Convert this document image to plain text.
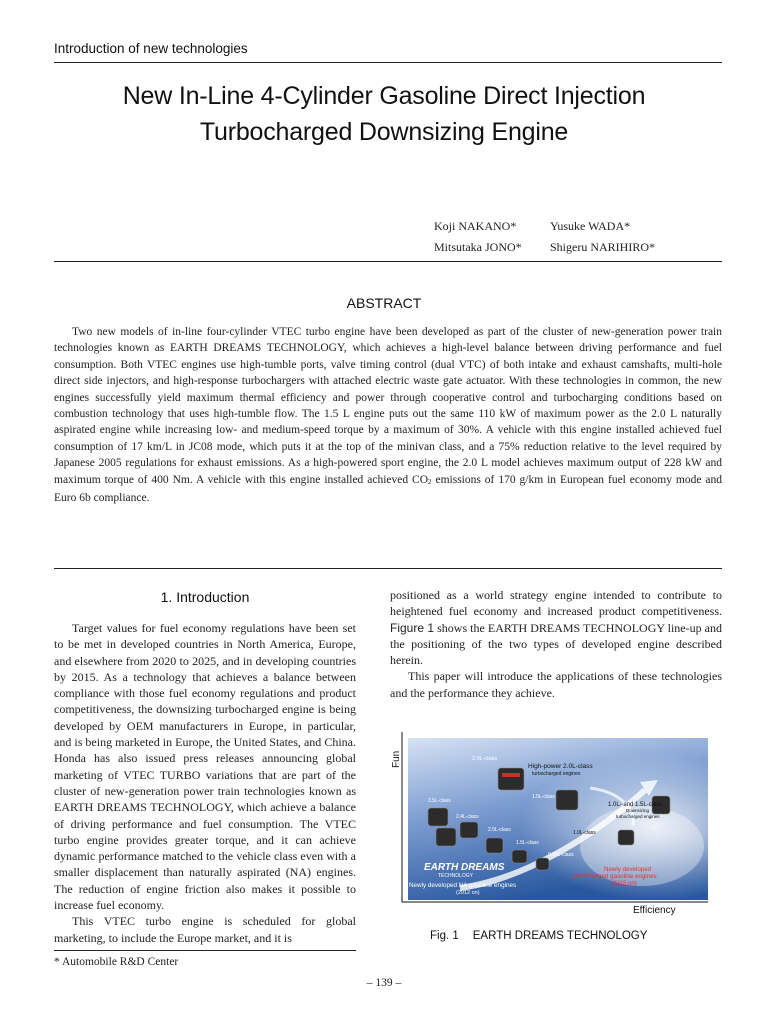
Introduction of new technologies
New In-Line 4-Cylinder Gasoline Direct Injection
Turbocharged Downsizing Engine
Koji NAKANO*	Yusuke WADA*
Mitsutaka JONO*	Shigeru NARIHIRO*
ABSTRACT

Two new models of in-line four-cylinder VTEC turbo engine have been developed as part of the cluster of new-generation power train technologies known as EARTH DREAMS TECHNOLOGY, which achieves a high-level balance between driving performance and fuel consumption. Both VTEC engines use high-tumble ports, valve timing control (dual VTC) of both intake and exhaust camshafts, multi-hole direct side injectors, and high-response turbochargers with attached electric waste gate actuator. With these technologies in common, the new engines successfully yield maximum thermal efficiency and power through cooperative control and turbocharging conditions based on combustion technology that uses high-tumble flow. The 1.5 L engine puts out the same 110 kW of maximum power as the 2.0 L naturally aspirated engine while increasing low- and medium-speed torque by a maximum of 30%. A vehicle with this engine installed achieved fuel consumption of 17 km/L in JC08 mode, which puts it at the top of the minivan class, and a 75% reduction relative to the level required by Japanese 2005 regulations for exhaust emissions. As a high-powered sport engine, the 2.0 L model achieves maximum output of 228 kW and maximum torque of 400 Nm. A vehicle with this engine installed achieved $CO_2$ emissions of 170 g/km in European fuel economy mode and Euro 6b compliance.

1. Introduction

Target values for fuel economy regulations have been set to be met in developed countries in North America, Europe, and elsewhere from 2020 to 2025, and in developing countries by 2015. As a technology that achieves a balance between compliance with those fuel economy regulations and product competitiveness, the downsizing turbocharged engine is being developed by OEM manufacturers in Europe, in particular, and is being marketed in Europe, the United States, and China. Honda has also issued press releases announcing global marketing of VTEC TURBO variations that are part of the cluster of new-generation power train technologies known as EARTH DREAMS TECHNOLOGY, which achieve a balance of driving performance and fuel consumption. The VTEC turbo engine provides greater torque, and it can achieve dynamic performance matched to the vehicle class even with a smaller displacement than naturally aspirated (NA) engines. The reduction of engine friction also makes it possible to increase fuel economy.

This VTEC turbo engine is scheduled for global marketing, to include the Europe market, and it is

positioned as a world strategy engine intended to contribute to heightened fuel economy and increased product competitiveness. Figure 1 shows the EARTH DREAMS TECHNOLOGY line-up and the positioning of the two types of developed engine described herein.

This paper will introduce the applications of these technologies and the performance they achieve.

Fun
Efficiency
2.0L-class
High-power 2.0L-class
turbocharged engines
3.5L-class
2.4L-class
1.5L-class
2.0L-class
1.5L-class
1.0L-class
0.66L-class
1.0L- and 1.5L-class
Downsizing
turbocharged engines
EARTH DREAMS
TECHNOLOGY
Newly developed NA gasoline engines
(2012 on)
Newly developed
turbocharged gasoline engines
(2015 on)
Fig. 1 EARTH DREAMS TECHNOLOGY
* Automobile R&D Center
– 139 –
